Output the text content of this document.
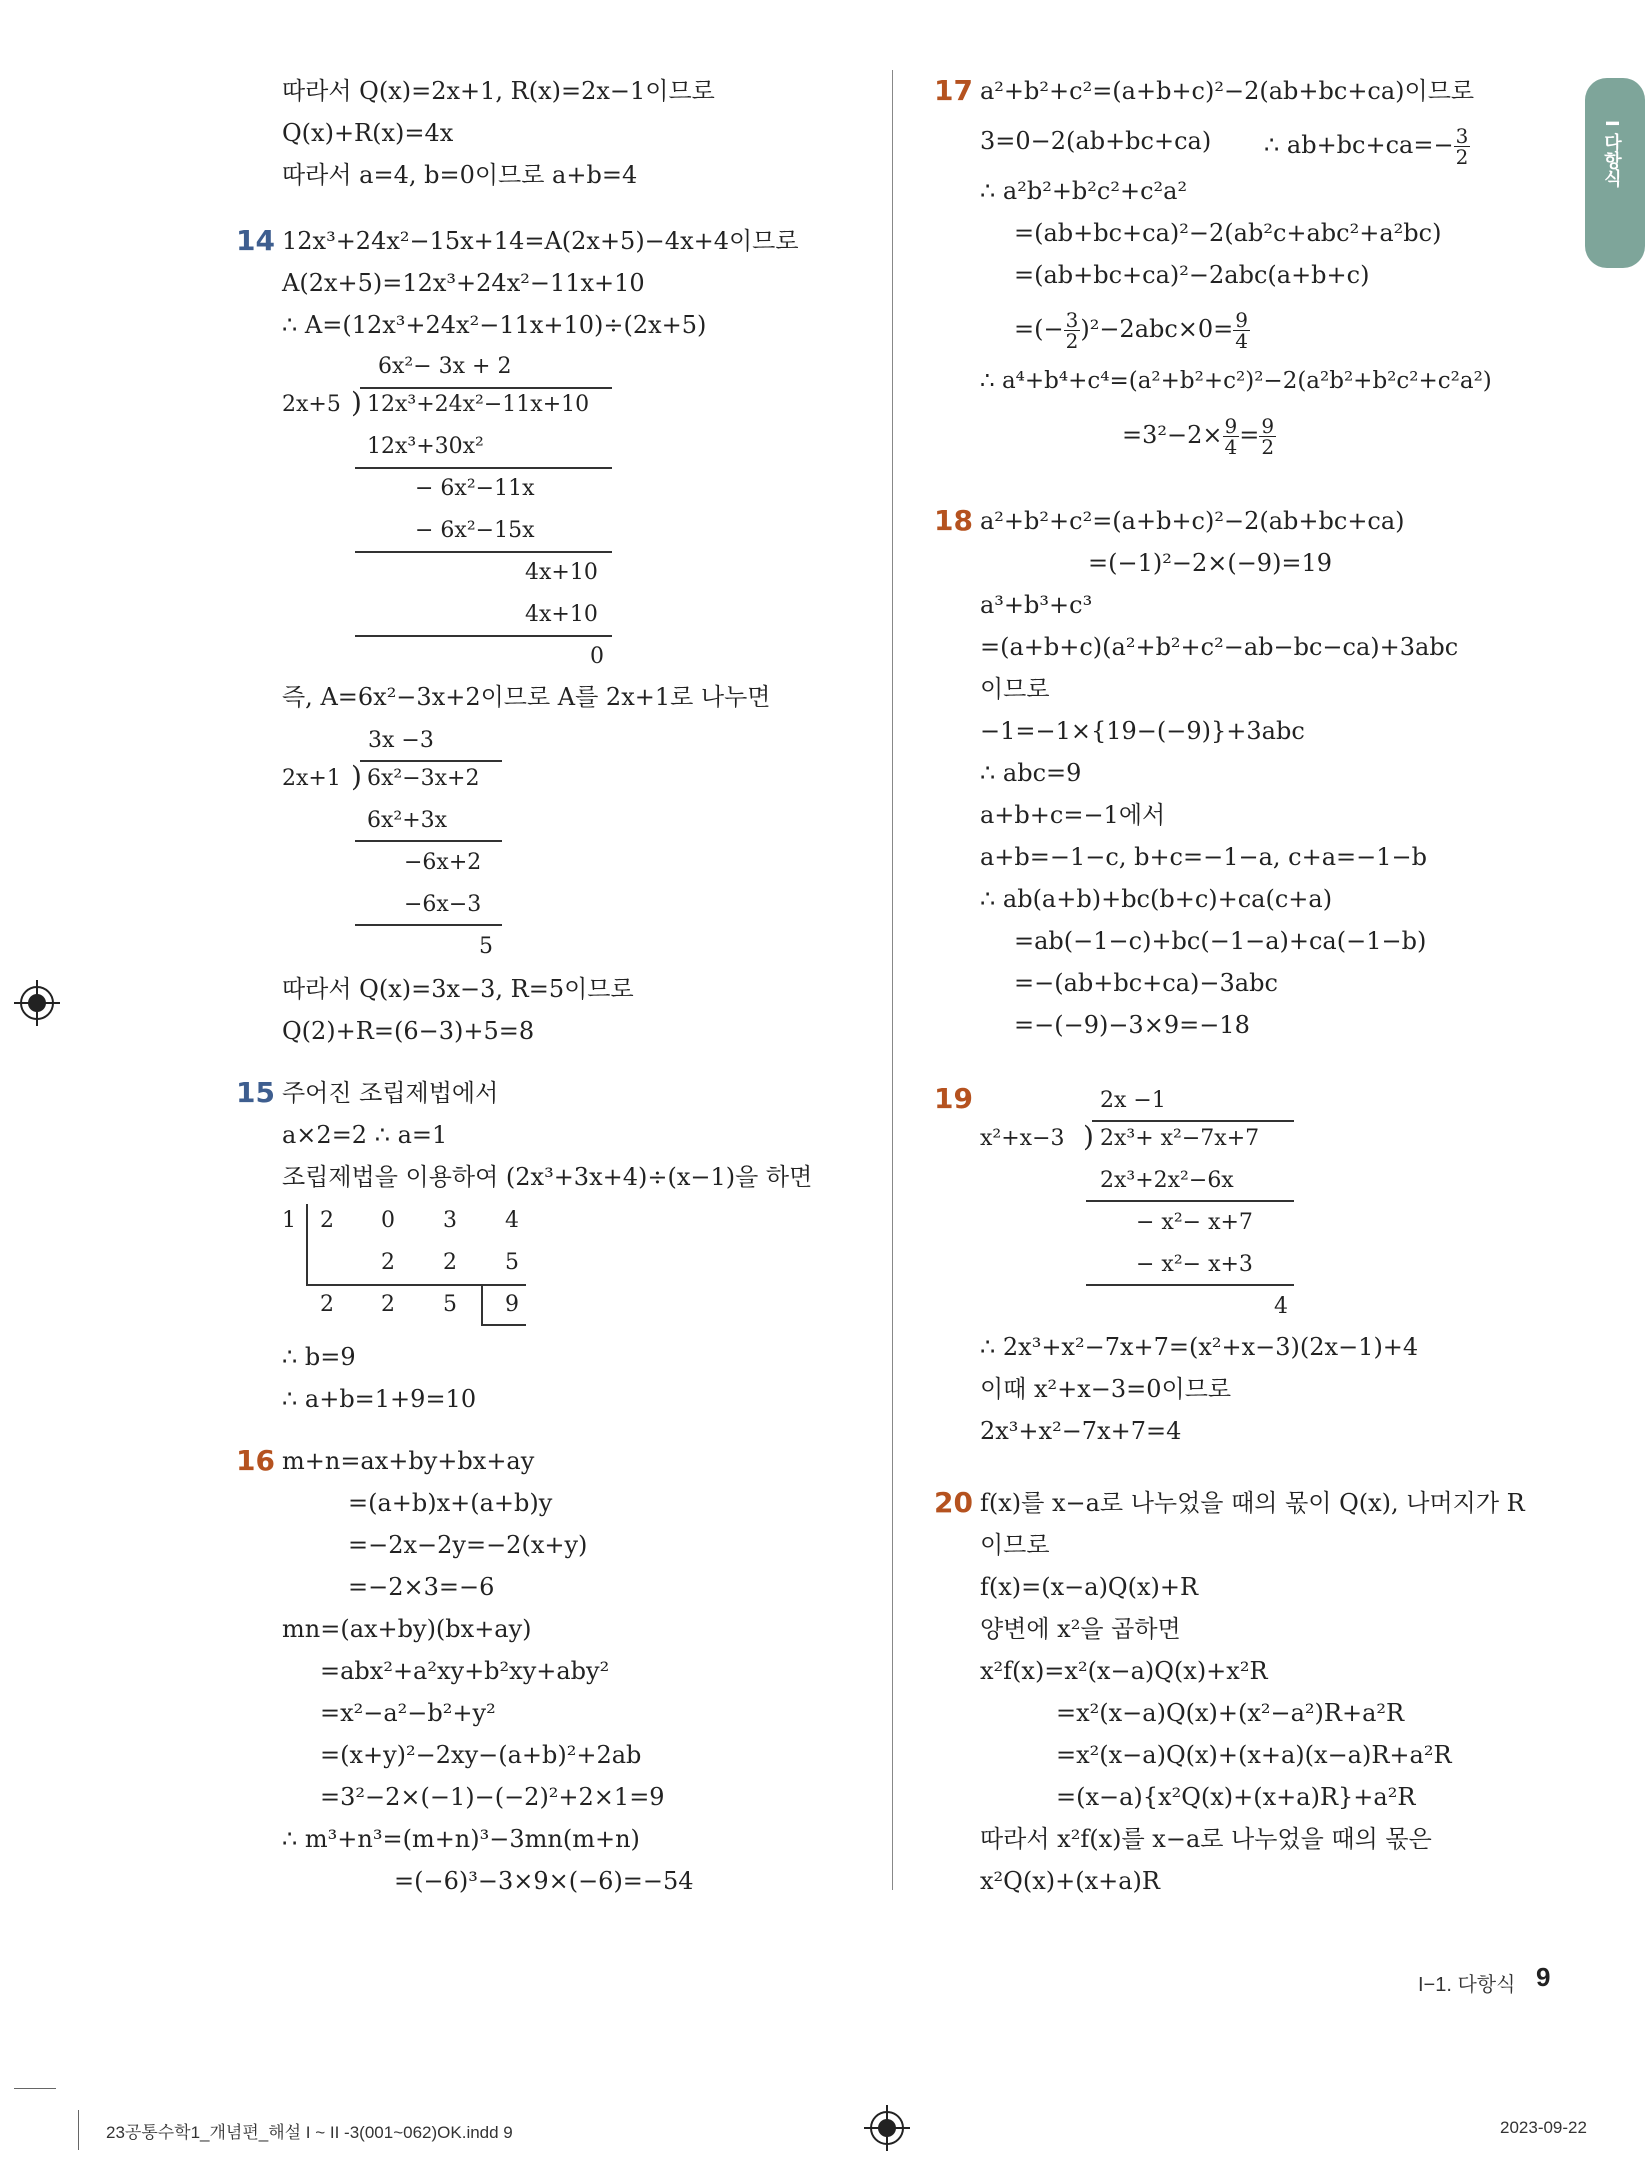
I 다항식
따라서 Q(x)=2x+1, R(x)=2x−1이므로
Q(x)+R(x)=4x
따라서 a=4, b=0이므로 a+b=4
14 12x³+24x²−15x+14=A(2x+5)−4x+4이므로
A(2x+5)=12x³+24x²−11x+10
∴ A=(12x³+24x²−11x+10)÷(2x+5)
6x²− 3x + 2
2x+5 ) 12x³+24x²−11x+10
12x³+30x²
− 6x²−11x
− 6x²−15x
4x+10
4x+10
0
즉, A=6x²−3x+2이므로 A를 2x+1로 나누면
3x −3
2x+1 ) 6x²−3x+2
6x²+3x
−6x+2
−6x−3
5
따라서 Q(x)=3x−3, R=5이므로
Q(2)+R=(6−3)+5=8
15 주어진 조립제법에서
a×2=2 ∴ a=1
조립제법을 이용하여 (2x³+3x+4)÷(x−1)을 하면
1 2 0 3 4
2 2 5
2 2 5 9
∴ b=9
∴ a+b=1+9=10
16 m+n=ax+by+bx+ay
=(a+b)x+(a+b)y
=−2x−2y=−2(x+y)
=−2×3=−6
mn=(ax+by)(bx+ay)
=abx²+a²xy+b²xy+aby²
=x²−a²−b²+y²
=(x+y)²−2xy−(a+b)²+2ab
=3²−2×(−1)−(−2)²+2×1=9
∴ m³+n³=(m+n)³−3mn(m+n)
=(−6)³−3×9×(−6)=−54
17 a²+b²+c²=(a+b+c)²−2(ab+bc+ca)이므로
3=0−2(ab+bc+ca) ∴ $ab+bc+ca=- \frac{3}{2}$
∴ a²b²+b²c²+c²a²
=(ab+bc+ca)²−2(ab²c+abc²+a²bc)
=(ab+bc+ca)²−2abc(a+b+c)
=(− $\frac{3}{2} )^2-2abc\times 0= \frac{9}{4}$
∴ a⁴+b⁴+c⁴=(a²+b²+c²)²−2(a²b²+b²c²+c²a²)
$=3^2-2\times \frac{9}{4} = \frac{9}{2}$
18 a²+b²+c²=(a+b+c)²−2(ab+bc+ca)
=(−1)²−2×(−9)=19
a³+b³+c³
=(a+b+c)(a²+b²+c²−ab−bc−ca)+3abc
이므로
−1=−1×{19−(−9)}+3abc
∴ abc=9
a+b+c=−1에서
a+b=−1−c, b+c=−1−a, c+a=−1−b
∴ ab(a+b)+bc(b+c)+ca(c+a)
=ab(−1−c)+bc(−1−a)+ca(−1−b)
=−(ab+bc+ca)−3abc
=−(−9)−3×9=−18
19	2x −1
x²+x−3 ) 2x³+ x²−7x+7
2x³+2x²−6x
− x²− x+7
− x²− x+3
4
∴ 2x³+x²−7x+7=(x²+x−3)(2x−1)+4
이때 x²+x−3=0이므로
2x³+x²−7x+7=4
20 f(x)를 x−a로 나누었을 때의 몫이 Q(x), 나머지가 R
이므로
f(x)=(x−a)Q(x)+R
양변에 x²을 곱하면
x²f(x)=x²(x−a)Q(x)+x²R
=x²(x−a)Q(x)+(x²−a²)R+a²R
=x²(x−a)Q(x)+(x+a)(x−a)R+a²R
=(x−a){x²Q(x)+(x+a)R}+a²R
따라서 x²f(x)를 x−a로 나누었을 때의 몫은
x²Q(x)+(x+a)R
I−1. 다항식 9
23공통수학1_개념편_해설 I ~ II -3(001~062)OK.indd 9	2023-09-22
